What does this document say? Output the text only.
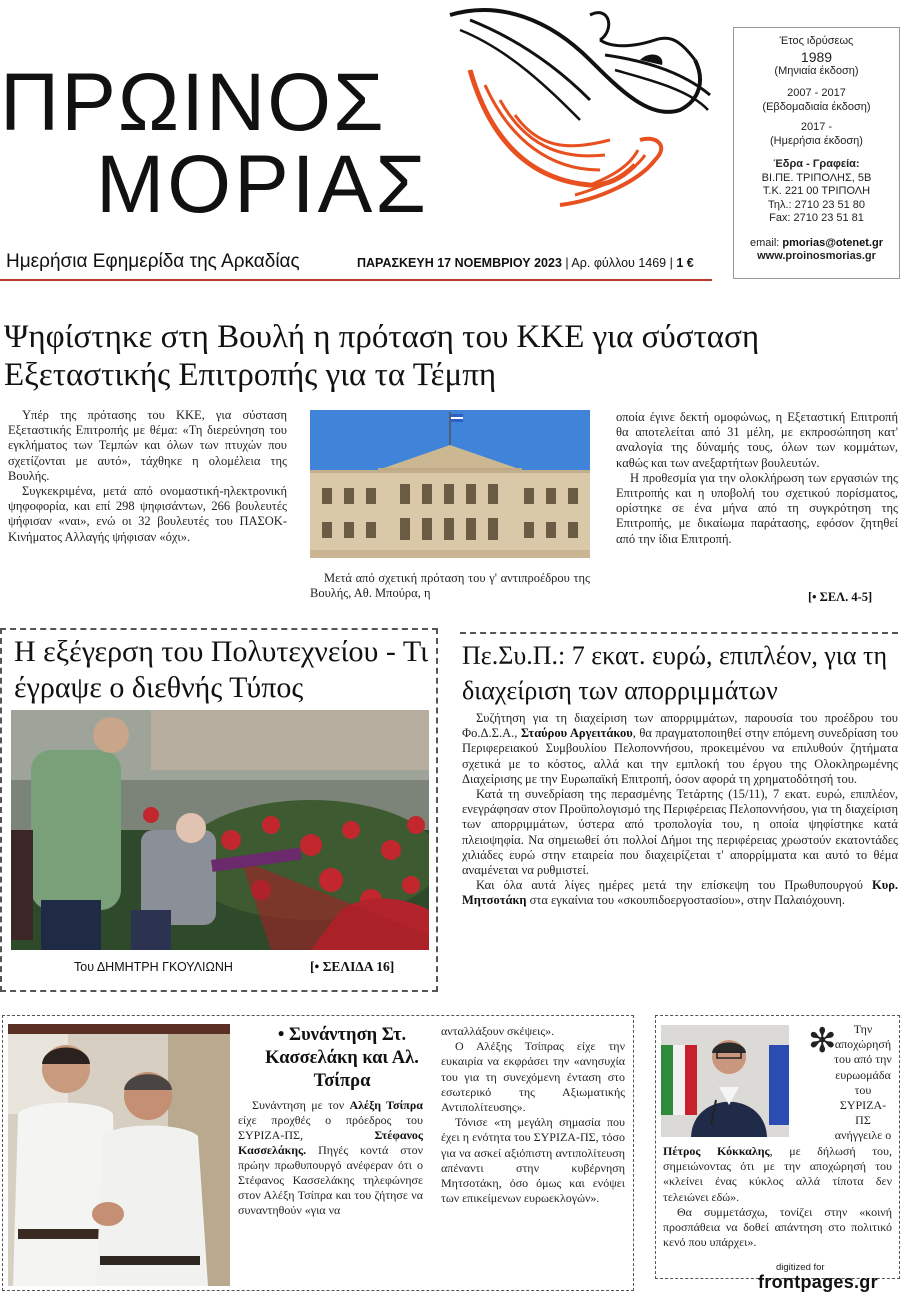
ΠΡΩΙΝΟΣ
ΜΟΡΙΑΣ
Έτος ιδρύσεως
1989
(Μηνιαία έκδοση)
2007 - 2017
(Εβδομαδιαία έκδοση)
2017 -
(Ημερήσια έκδοση)
Έδρα - Γραφεία:
ΒΙ.ΠΕ. ΤΡΙΠΟΛΗΣ, 5Β
Τ.Κ. 221 00 ΤΡΙΠΟΛΗ
Τηλ.: 2710 23 51 80
Fax: 2710 23 51 81
email: pmorias@otenet.gr
www.proinosmorias.gr
Ημερήσια Εφημερίδα της Αρκαδίας	ΠΑΡΑΣΚΕΥΗ 17 ΝΟΕΜΒΡΙΟΥ 2023 | Αρ. φύλλου 1469 | 1 €
Ψηφίστηκε στη Βουλή η πρόταση του ΚΚΕ για σύσταση Εξεταστικής Επιτροπής για τα Τέμπη

Υπέρ της πρότασης του ΚΚΕ, για σύσταση Εξεταστικής Επιτροπής με θέμα: «Τη διερεύνηση του εγκλήματος των Τεμπών και όλων των πτυχών που σχετίζονται με αυτό», τάχθηκε η ολομέλεια της Βουλής.

Συγκεκριμένα, μετά από ονομαστική-ηλεκτρονική ψηφοφορία, και επί 298 ψηφισάντων, 266 βουλευτές ψήφισαν «ναι», ενώ οι 32 βουλευτές του ΠΑΣΟΚ-Κινήματος Αλλαγής ψήφισαν «όχι».

Μετά από σχετική πρόταση του γ' αντιπροέδρου της Βουλής, Αθ. Μπούρα, η

οποία έγινε δεκτή ομοφώνως, η Εξεταστική Επιτροπή θα αποτελείται από 31 μέλη, με εκπροσώπηση κατ' αναλογία της δύναμής τους, όλων των κομμάτων, καθώς και των ανεξαρτήτων βουλευτών.

Η προθεσμία για την ολοκλήρωση των εργασιών της Επιτροπής και η υποβολή του σχετικού πορίσματος, ορίστηκε σε ένα μήνα από τη συγκρότηση της Επιτροπής, με δικαίωμα παράτασης, εφόσον ζητηθεί από την ίδια Επιτροπή.

[• ΣΕΛ. 4-5]
Η εξέγερση του Πολυτεχνείου - Τι έγραψε ο διεθνής Τύπος
Του ΔΗΜΗΤΡΗ ΓΚΟΥΛΙΩΝΗ	[• ΣΕΛΙΔΑ 16]
Πε.Συ.Π.: 7 εκατ. ευρώ, επιπλέον, για τη διαχείριση των απορριμμάτων

Συζήτηση για τη διαχείριση των απορριμμάτων, παρουσία του προέδρου του Φο.Δ.Σ.Α., Σταύρου Αργειτάκου, θα πραγματοποιηθεί στην επόμενη συνεδρίαση του Περιφερειακού Συμβουλίου Πελοποννήσου, προκειμένου να επιλυθούν ζητήματα σχετικά με το κόστος, αλλά και την εμπλοκή του έργου της Ολοκληρωμένης Διαχείρισης με την Ευρωπαϊκή Επιτροπή, όσον αφορά τη χρηματοδότησή του.

Κατά τη συνεδρίαση της περασμένης Τετάρτης (15/11), 7 εκατ. ευρώ, επιπλέον, ενεγράφησαν στον Προϋπολογισμό της Περιφέρειας Πελοποννήσου, για τη διαχείριση των απορριμμάτων, ύστερα από τροπολογία του, η οποία ψηφίστηκε κατά πλειοψηφία. Να σημειωθεί ότι πολλοί Δήμοι της περιφέρειας χρωστούν εκατοντάδες χιλιάδες ευρώ στην εταιρεία που διαχειρίζεται τ' απορρίμματα και αυτό το θέμα αναμένεται να ρυθμιστεί.

Και όλα αυτά λίγες ημέρες μετά την επίσκεψη του Πρωθυπουργού Κυρ. Μητσοτάκη στα εγκαίνια του «σκουπιδοεργοστασίου», στην Παλαιόχουνη.

• Συνάντηση Στ. Κασσελάκη και Αλ. Τσίπρα

Συνάντηση με τον Αλέξη Τσίπρα είχε προχθές ο πρόεδρος του ΣΥΡΙΖΑ-ΠΣ,	Στέφανος Κασσελάκης. Πηγές κοντά στον πρώην πρωθυπουργό ανέφεραν ότι ο Στέφανος Κασσελάκης τηλεφώνησε στον Αλέξη Τσίπρα και του ζήτησε να συναντηθούν «για να

ανταλλάξουν σκέψεις».

Ο Αλέξης Τσίπρας είχε την ευκαιρία να εκφράσει την «ανησυχία του για τη συνεχόμενη ένταση στο εσωτερικό της Αξιωματικής Αντιπολίτευσης».

Τόνισε «τη μεγάλη σημασία που έχει η ενότητα του ΣΥΡΙΖΑ-ΠΣ, τόσο για να ασκεί αξιόπιστη αντιπολίτευση απέναντι στην κυβέρνηση Μητσοτάκη, όσο όμως και ενόψει των επικείμενων ευρωεκλογών».

✻	Την αποχώρησή του από την ευρωομάδα του ΣΥΡΙΖΑ-ΠΣ ανήγγειλε ο

Πέτρος Κόκκαλης, με δήλωσή του, σημειώνοντας ότι με την αποχώρησή του «κλείνει ένας κύκλος αλλά τίποτα δεν τελειώνει εδώ».

Θα συμμετάσχω, τονίζει στην «κοινή προσπάθεια να δοθεί απάντηση στο πολιτικό κενό που υπάρχει».

digitized for
frontpages.gr
